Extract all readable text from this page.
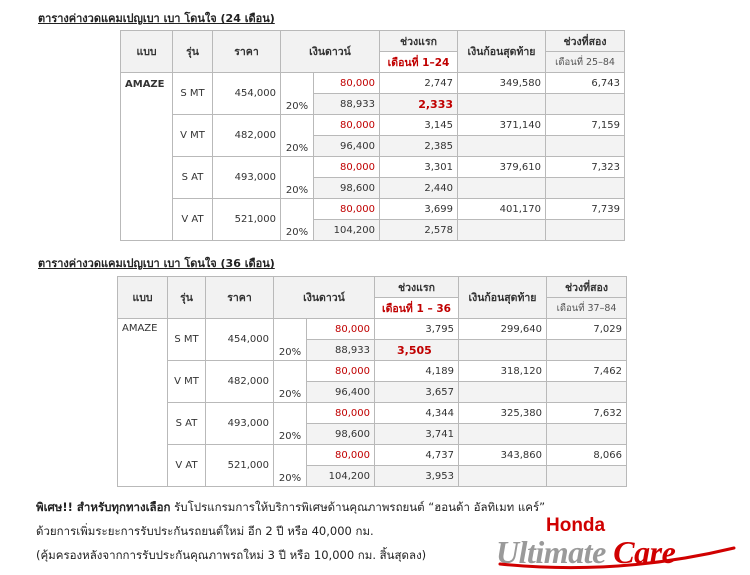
ตารางค่างวดแคมเปญเบา เบา โดนใจ (24 เดือน)
แบบ	รุ่น	ราคา	เงินดาวน์		ช่วงแรก	เงินก้อนสุดท้าย	ช่วงที่สอง
					เดือนที่ 1–24		เดือนที่ 25–84
AMAZE	S MT	454,000	20%	80,000	2,747	349,580	6,743
				88,933	2,333		
	V MT	482,000	20%	80,000	3,145	371,140	7,159
				96,400	2,385		
	S AT	493,000	20%	80,000	3,301	379,610	7,323
				98,600	2,440		
	V AT	521,000	20%	80,000	3,699	401,170	7,739
				104,200	2,578		
ตารางค่างวดแคมเปญเบา เบา โดนใจ (36 เดือน)
แบบ	รุ่น	ราคา	เงินดาวน์		ช่วงแรก	เงินก้อนสุดท้าย	ช่วงที่สอง
					เดือนที่ 1 – 36		เดือนที่ 37–84
AMAZE	S MT	454,000	20%	80,000	3,795	299,640	7,029
				88,933	3,505		
	V MT	482,000	20%	80,000	4,189	318,120	7,462
				96,400	3,657		
	S AT	493,000	20%	80,000	4,344	325,380	7,632
				98,600	3,741		
	V AT	521,000	20%	80,000	4,737	343,860	8,066
				104,200	3,953		
พิเศษ!! สำหรับทุกทางเลือก รับโปรแกรมการให้บริการพิเศษด้านคุณภาพรถยนต์ “ฮอนด้า อัลทิเมท แคร์”
ด้วยการเพิ่มระยะการรับประกันรถยนต์ใหม่ อีก 2 ปี หรือ 40,000 กม.
(คุ้มครองหลังจากการรับประกันคุณภาพรถใหม่ 3 ปี หรือ 10,000 กม. สิ้นสุดลง)
Honda
Ultimate Care
